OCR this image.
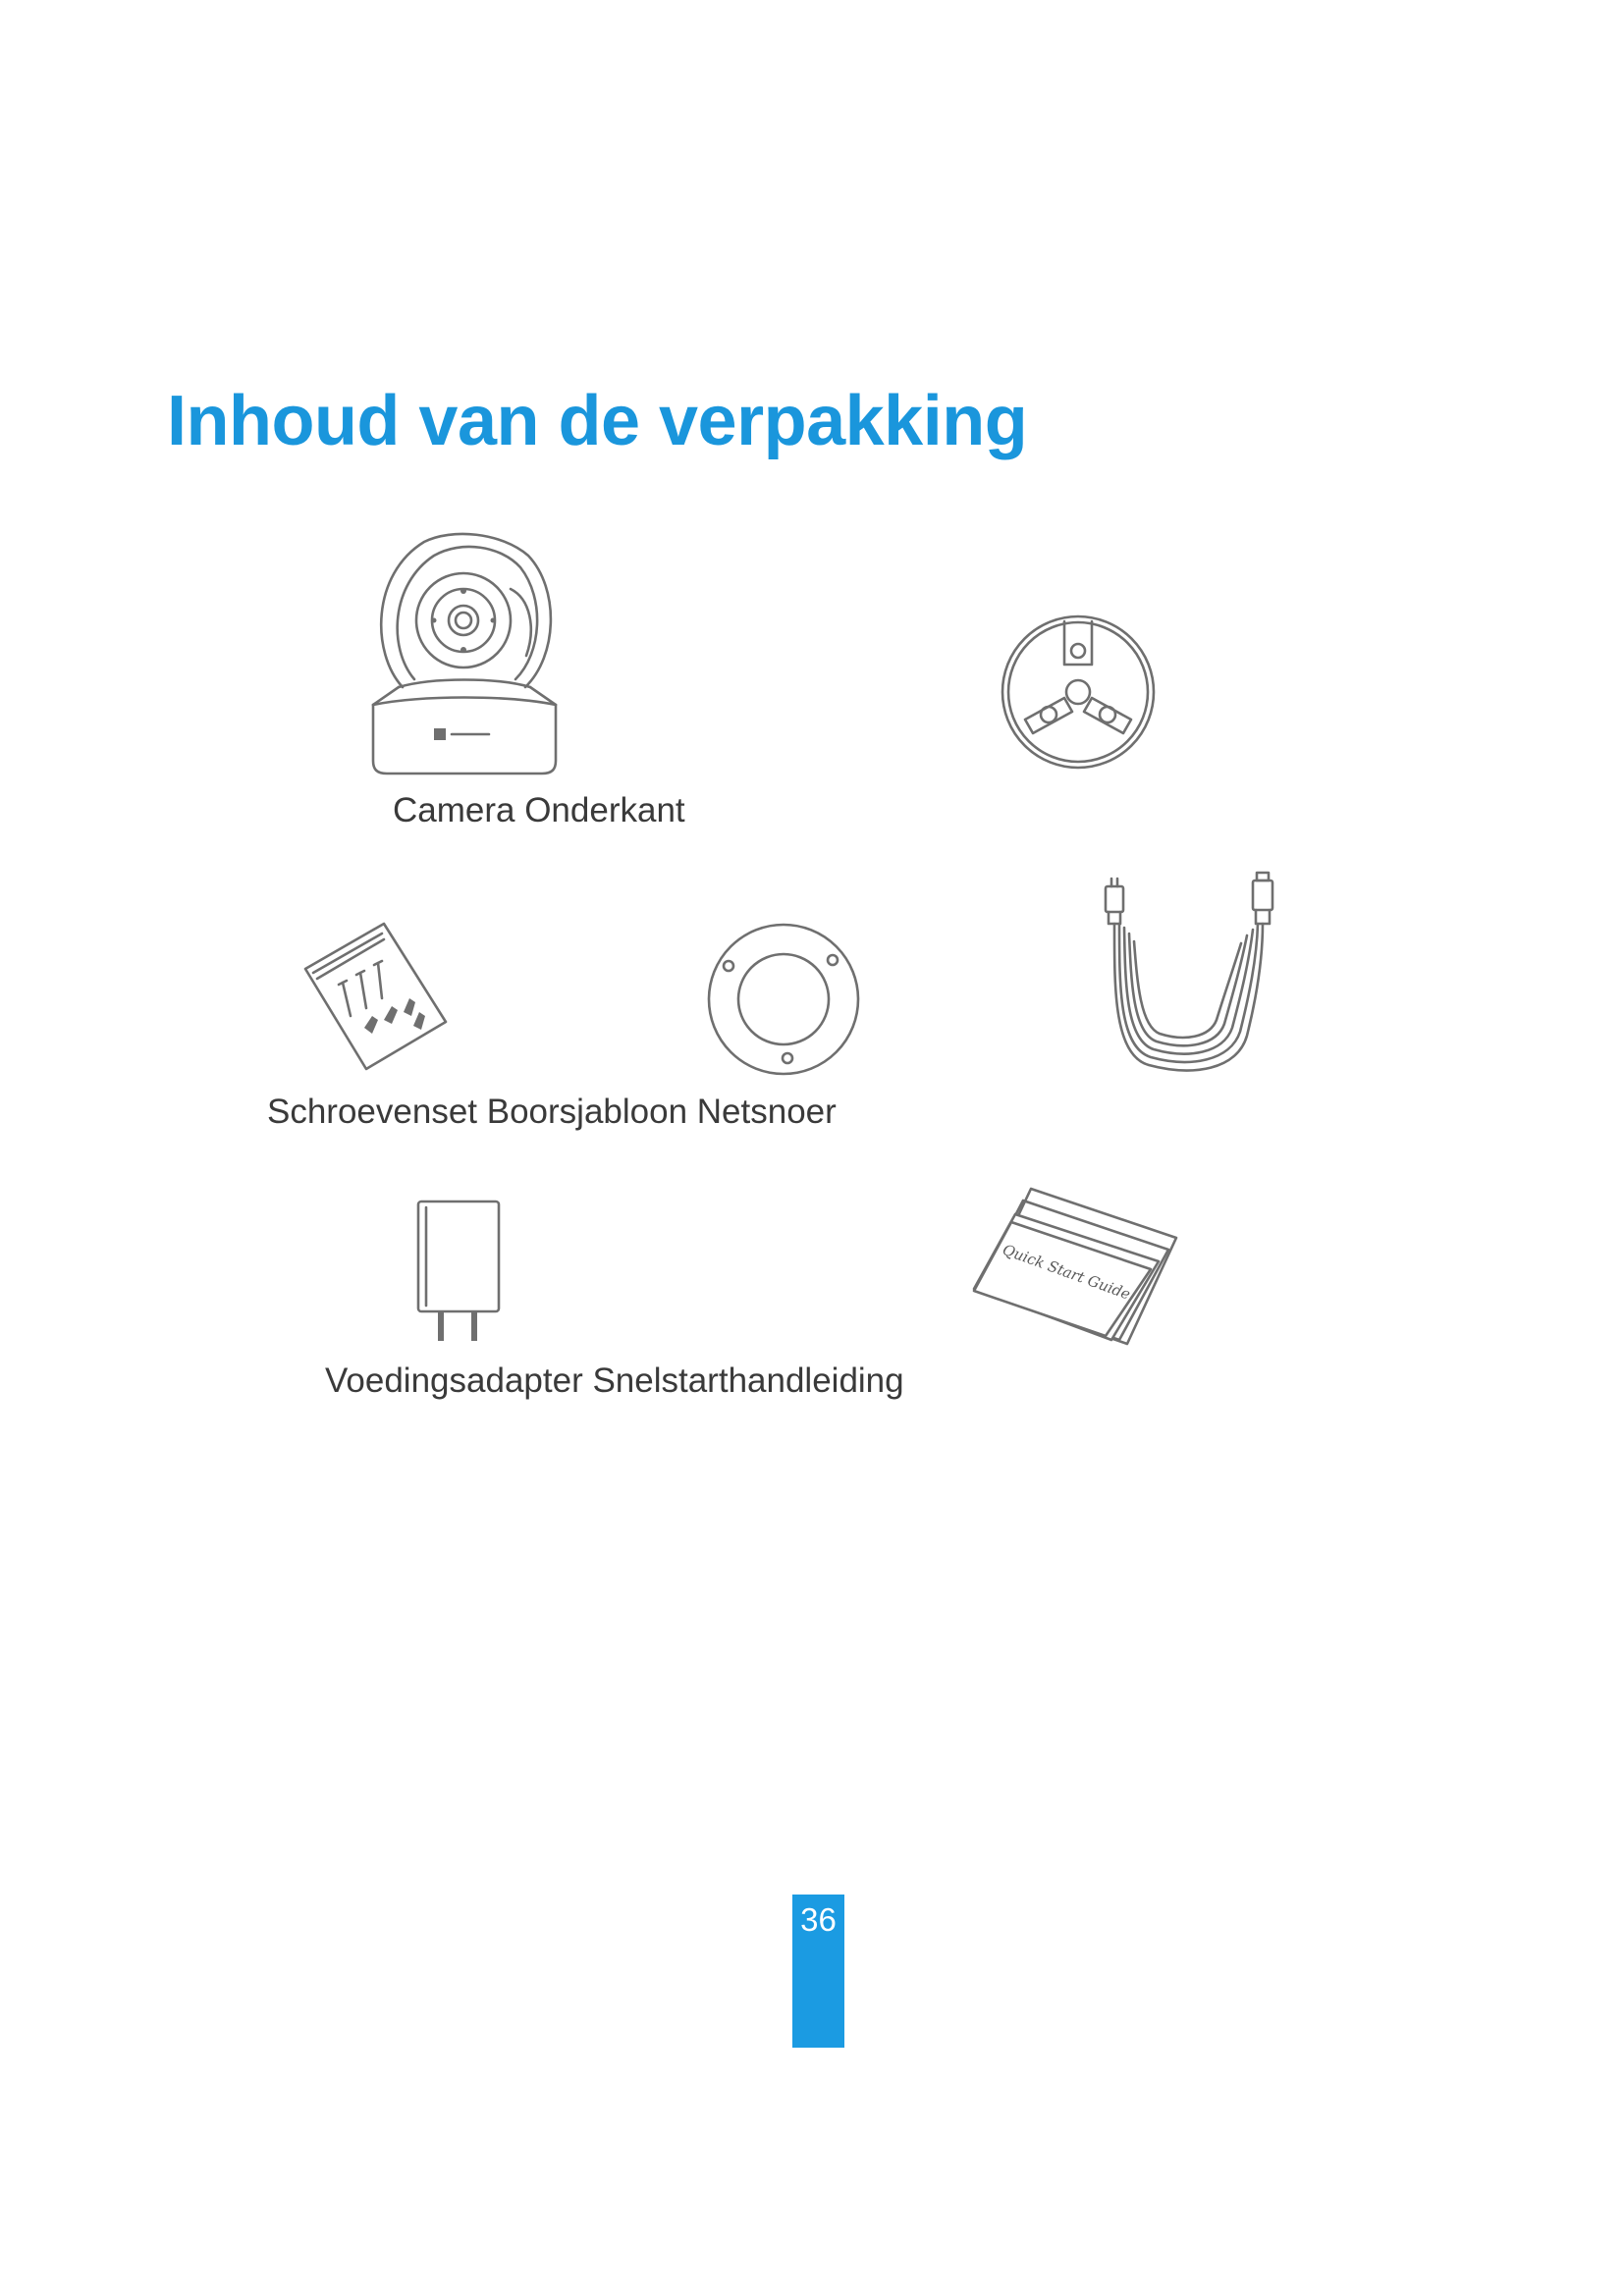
Inhoud van de verpakking
Quick Start Guide

Camera Onderkant

Schroevenset Boorsjabloon Netsnoer

Voedingsadapter Snelstarthandleiding

36
